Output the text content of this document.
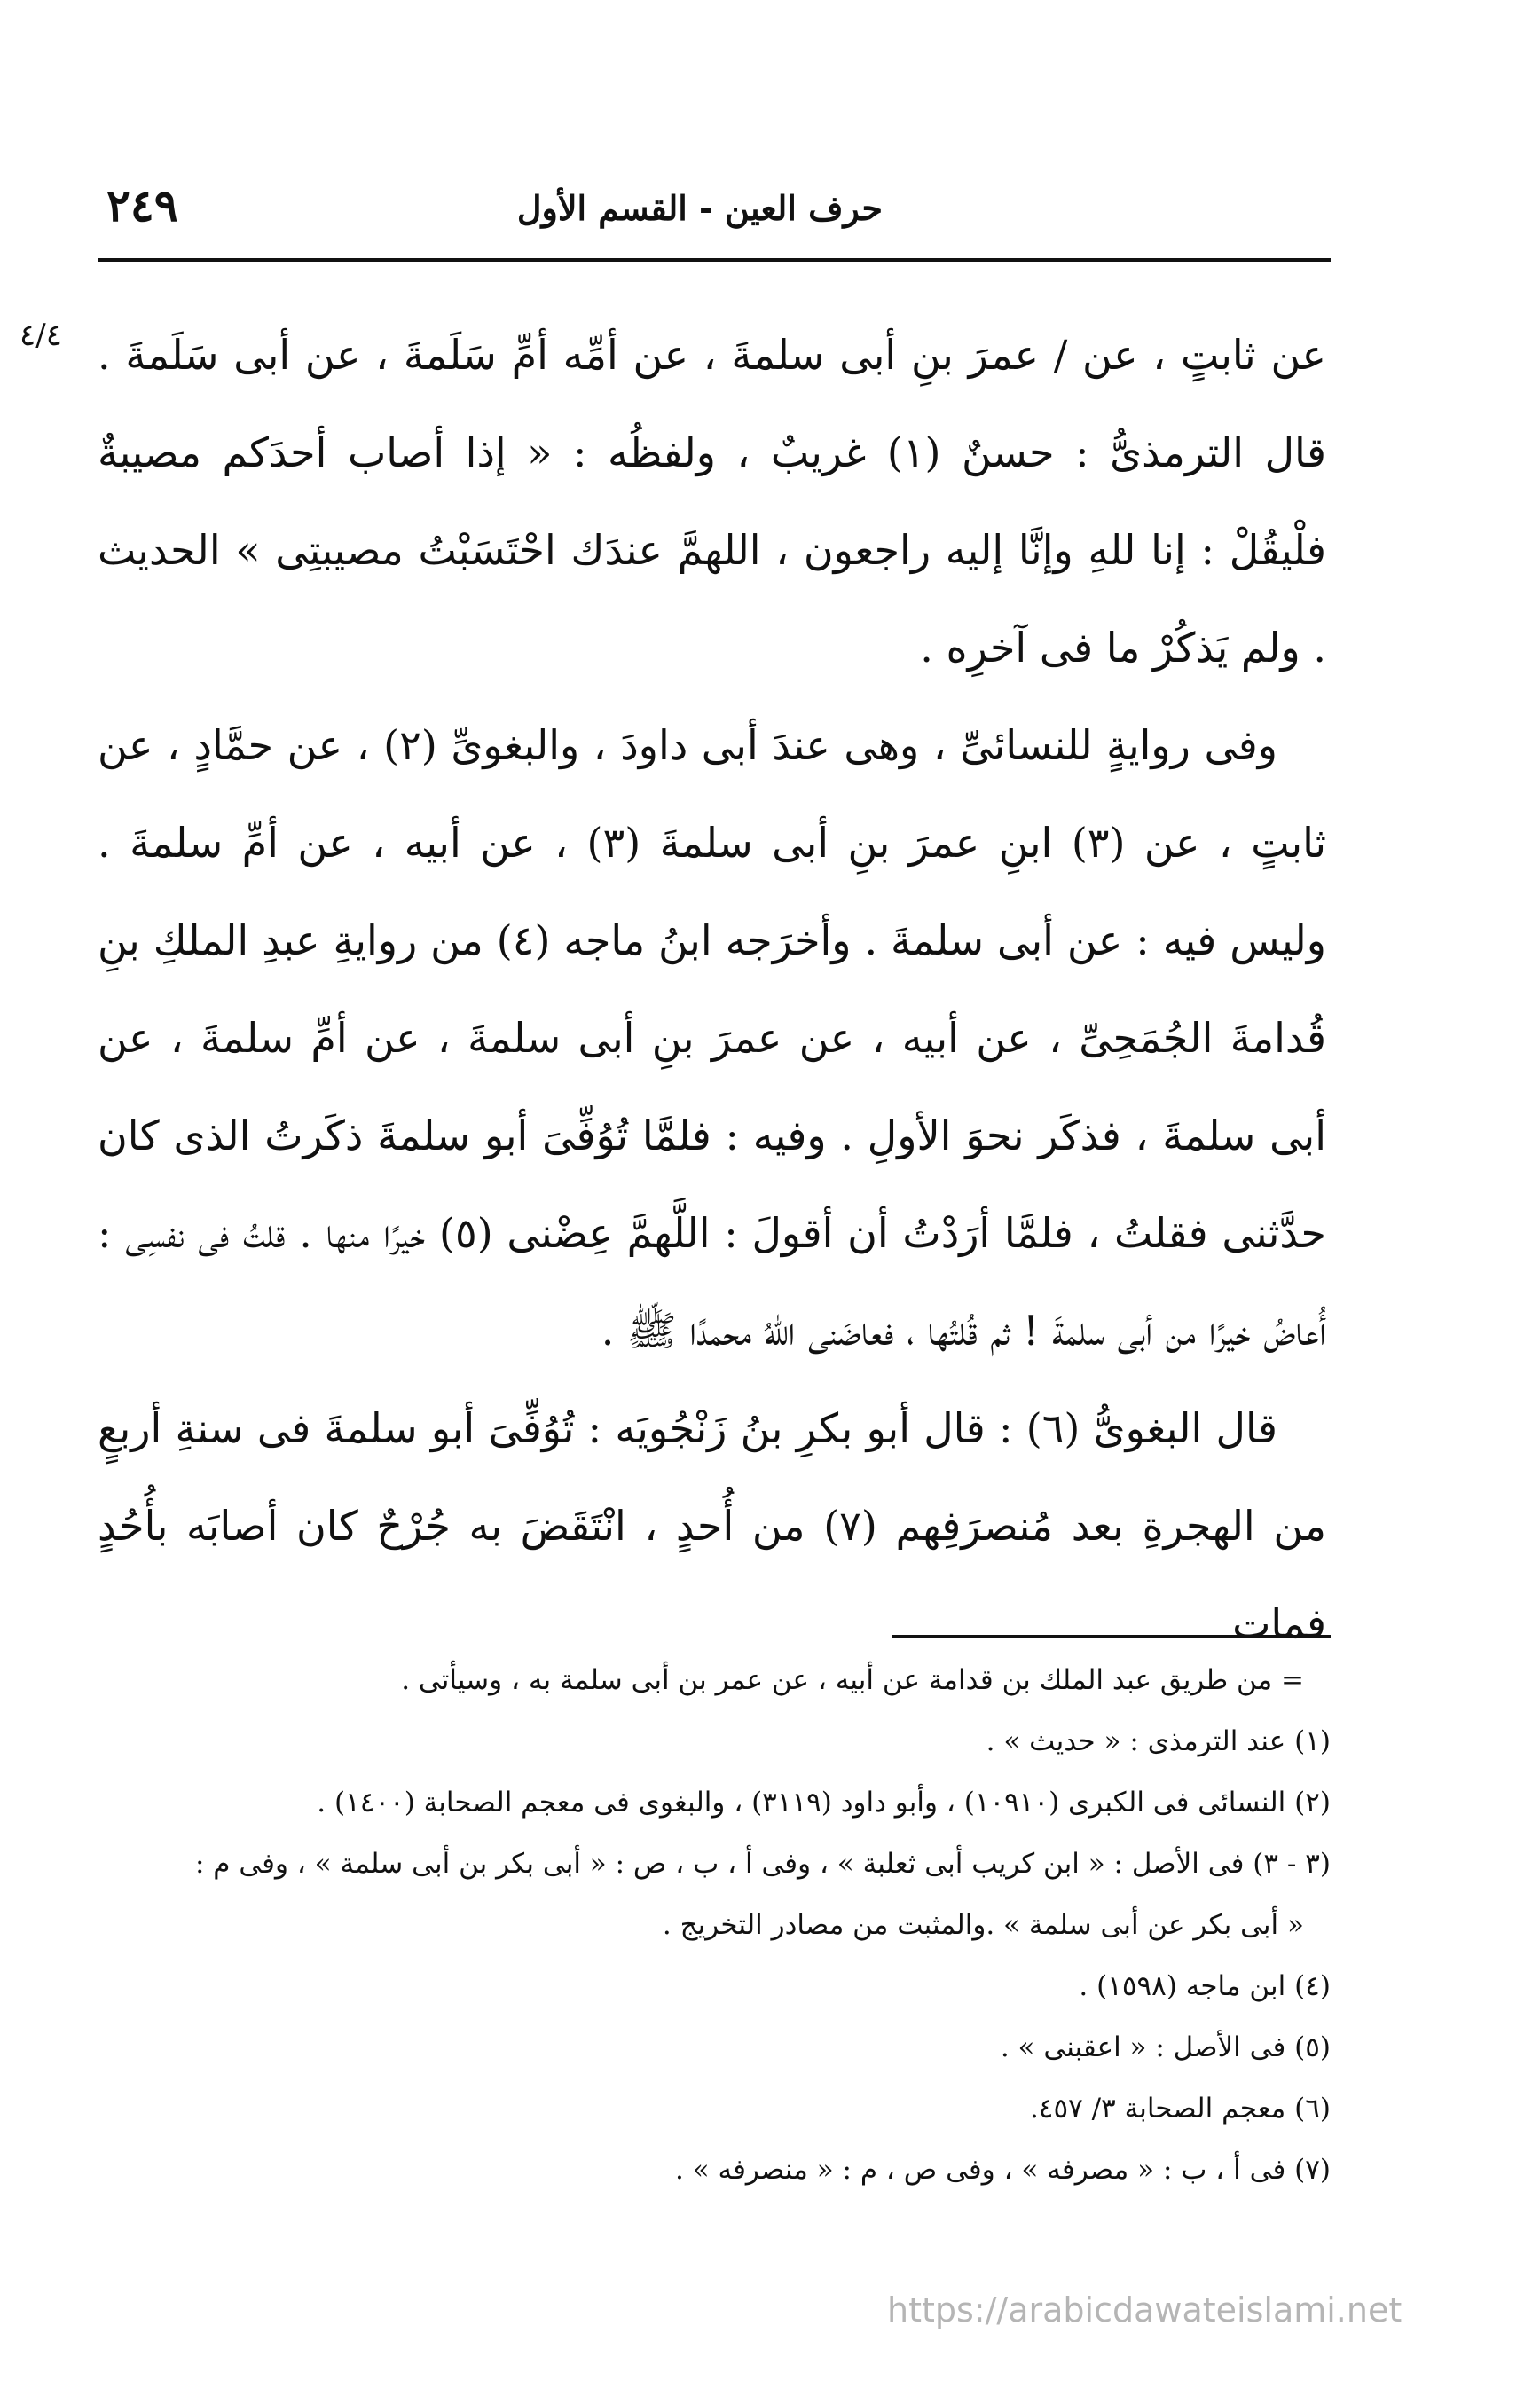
حرف العين - القسم الأول
٢٤٩
٤/٤ عن ثابتٍ ، عن / عمرَ بنِ أبى سلمةَ ، عن أمِّه أمِّ سَلَمةَ ، عن أبى سَلَمةَ . قال الترمذىُّ : حسنٌ (١) غريبٌ ، ولفظُه : « إذا أصاب أحدَكم مصيبةٌ فلْيقُلْ : إنا للهِ وإنَّا إليه راجعون ، اللهمَّ عندَك احْتَسَبْتُ مصيبتِى » الحديث . ولم يَذكُرْ ما فى آخرِه .

وفى روايةٍ للنسائىِّ ، وهى عندَ أبى داودَ ، والبغوىِّ (٢) ، عن حمَّادٍ ، عن ثابتٍ ، عن (٣) ابنِ عمرَ بنِ أبى سلمةَ (٣) ، عن أبيه ، عن أمِّ سلمةَ . وليس فيه : عن أبى سلمةَ . وأخرَجه ابنُ ماجه (٤) من روايةِ عبدِ الملكِ بنِ قُدامةَ الجُمَحِىِّ ، عن أبيه ، عن عمرَ بنِ أبى سلمةَ ، عن أمِّ سلمةَ ، عن أبى سلمةَ ، فذكَر نحوَ الأولِ . وفيه : فلمَّا تُوُفِّىَ أبو سلمةَ ذكَرتُ الذى كان حدَّثنى فقلتُ ، فلمَّا أرَدْتُ أن أقولَ : اللَّهمَّ عِضْنى (٥) خيرًا منها . قلتُ فى نفسِى : أُعاضُ خيرًا من أبى سلمةَ ! ثم قُلتُها ، فعاضَنى اللهُ محمدًا ﷺ .

قال البغوىُّ (٦) : قال أبو بكرِ بنُ زَنْجُويَه : تُوُفِّىَ أبو سلمةَ فى سنةِ أربعٍ من الهجرةِ بعد مُنصرَفِهم (٧) من أُحدٍ ، انْتَقَضَ به جُرْحٌ كان أصابَه بأُحُدٍ فمات

= من طريق عبد الملك بن قدامة عن أبيه ، عن عمر بن أبى سلمة به ، وسيأتى .
(١) عند الترمذى : « حديث » .
(٢) النسائى فى الكبرى (١٠٩١٠) ، وأبو داود (٣١١٩) ، والبغوى فى معجم الصحابة (١٤٠٠) .
(٣ - ٣) فى الأصل : « ابن كريب أبى ثعلبة » ، وفى أ ، ب ، ص : « أبى بكر بن أبى سلمة » ، وفى م :
« أبى بكر عن أبى سلمة » .والمثبت من مصادر التخريج .
(٤) ابن ماجه (١٥٩٨) .
(٥) فى الأصل : « اعقبنى » .
(٦) معجم الصحابة ٣/ ٤٥٧.
(٧) فى أ ، ب : « مصرفه » ، وفى ص ، م : « منصرفه » .
https://arabicdawateislami.net
